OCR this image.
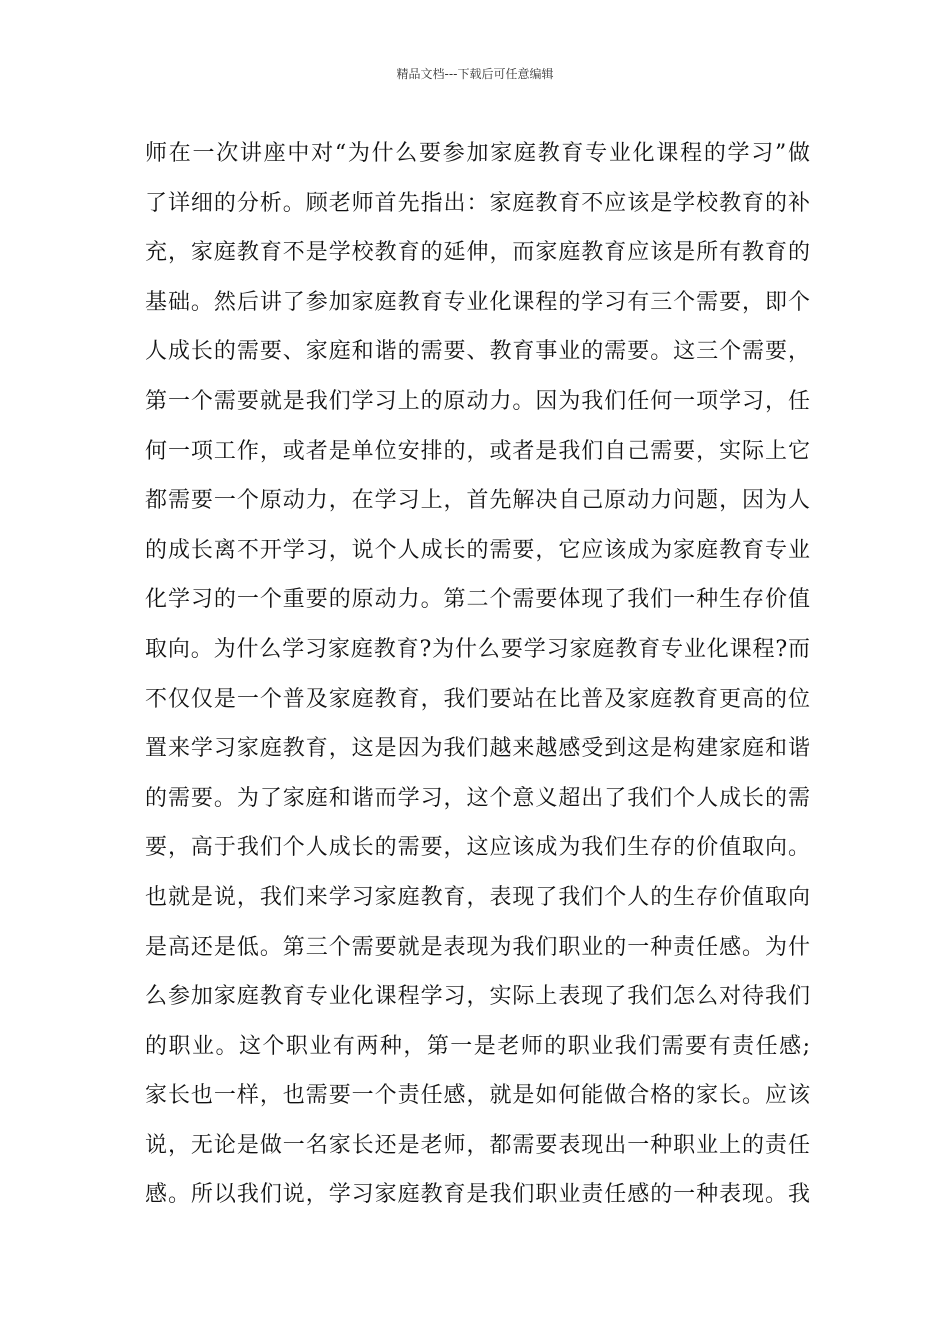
精品文档---下载后可任意编辑
师在一次讲座中对“为什么要参加家庭教育专业化课程的学习”做
了详细的分析。顾老师首先指出：家庭教育不应该是学校教育的补
充，家庭教育不是学校教育的延伸，而家庭教育应该是所有教育的
基础。然后讲了参加家庭教育专业化课程的学习有三个需要，即个
人成长的需要、家庭和谐的需要、教育事业的需要。这三个需要，
第一个需要就是我们学习上的原动力。因为我们任何一项学习，任
何一项工作，或者是单位安排的，或者是我们自己需要，实际上它
都需要一个原动力，在学习上，首先解决自己原动力问题，因为人
的成长离不开学习，说个人成长的需要，它应该成为家庭教育专业
化学习的一个重要的原动力。第二个需要体现了我们一种生存价值
取向。为什么学习家庭教育?为什么要学习家庭教育专业化课程?而
不仅仅是一个普及家庭教育，我们要站在比普及家庭教育更高的位
置来学习家庭教育，这是因为我们越来越感受到这是构建家庭和谐
的需要。为了家庭和谐而学习，这个意义超出了我们个人成长的需
要，高于我们个人成长的需要，这应该成为我们生存的价值取向。
也就是说，我们来学习家庭教育，表现了我们个人的生存价值取向
是高还是低。第三个需要就是表现为我们职业的一种责任感。为什
么参加家庭教育专业化课程学习，实际上表现了我们怎么对待我们
的职业。这个职业有两种，第一是老师的职业我们需要有责任感;
家长也一样，也需要一个责任感，就是如何能做合格的家长。应该
说，无论是做一名家长还是老师，都需要表现出一种职业上的责任
感。所以我们说，学习家庭教育是我们职业责任感的一种表现。我
